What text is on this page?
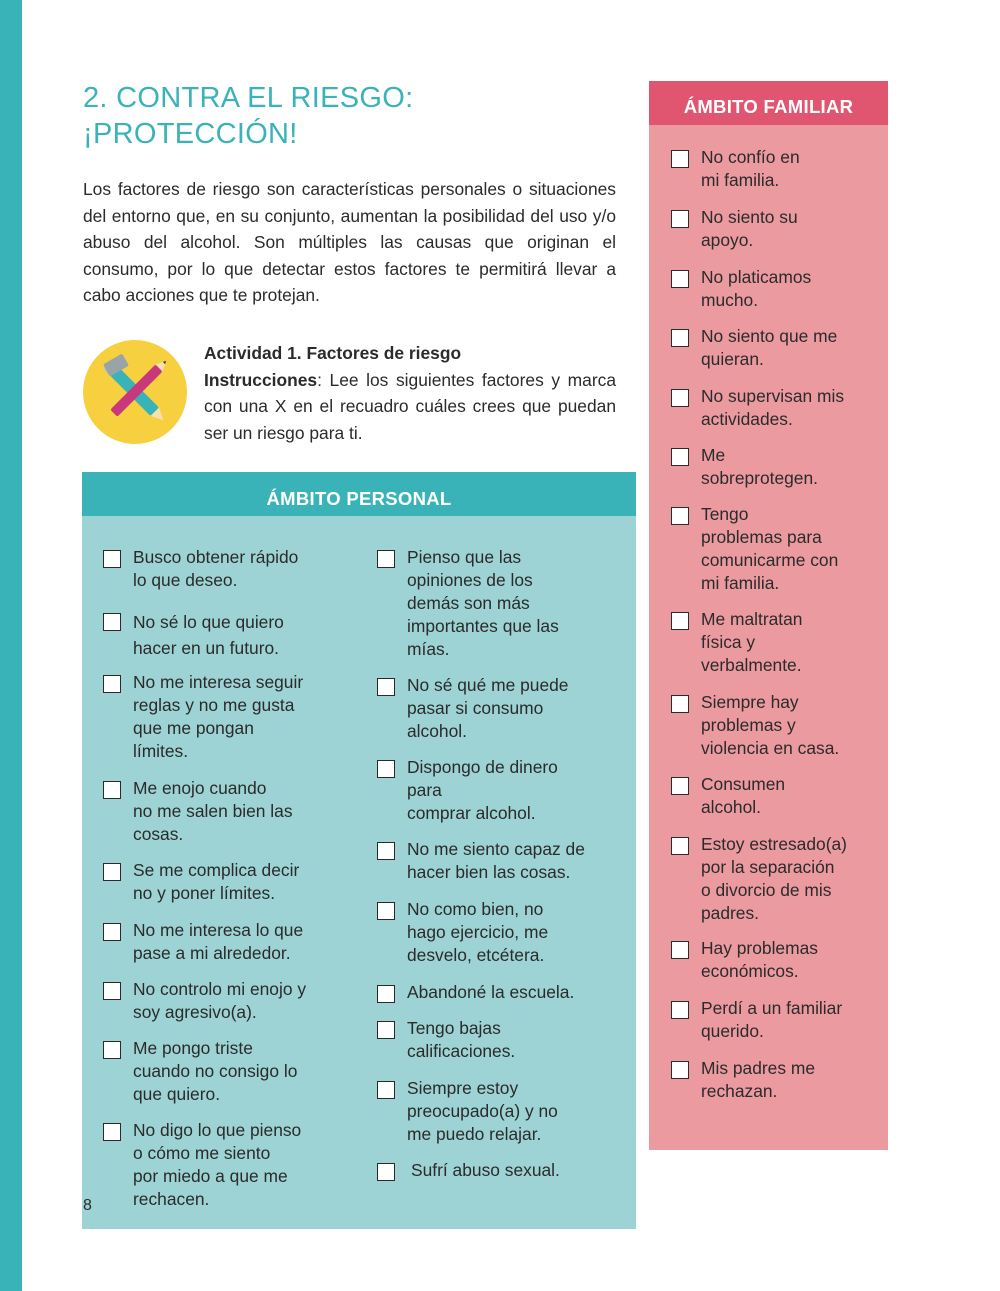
2. CONTRA EL RIESGO:
¡PROTECCIÓN!

Los factores de riesgo son características personales o situaciones del entorno que, en su conjunto, aumentan la posibilidad del uso y/o abuso del alcohol. Son múltiples las causas que originan el consumo, por lo que detectar estos factores te permitirá llevar a cabo acciones que te protejan.

Actividad 1. Factores de riesgo
Instrucciones: Lee los siguientes factores y marca con una X en el recuadro cuáles crees que puedan ser un riesgo para ti.
ÁMBITO PERSONAL
Busco obtener rápido
lo que deseo.
No sé lo que quiero
hacer en un futuro.
No me interesa seguir
reglas y no me gusta
que me pongan
límites.
Me enojo cuando
no me salen bien las
cosas.
Se me complica decir
no y poner límites.
No me interesa lo que
pase a mi alrededor.
No controlo mi enojo y
soy agresivo(a).
Me pongo triste
cuando no consigo lo
que quiero.
No digo lo que pienso
o cómo me siento
por miedo a que me
rechacen.
Pienso que las
opiniones de los
demás son más
importantes que las
mías.
No sé qué me puede
pasar si consumo
alcohol.
Dispongo de dinero
para
comprar alcohol.
No me siento capaz de
hacer bien las cosas.
No como bien, no
hago ejercicio, me
desvelo, etcétera.
Abandoné la escuela.
Tengo bajas
calificaciones.
Siempre estoy
preocupado(a) y no
me puedo relajar.
Sufrí abuso sexual.
ÁMBITO FAMILIAR
No confío en
mi familia.
No siento su
apoyo.
No platicamos
mucho.
No siento que me
quieran.
No supervisan mis
actividades.
Me
sobreprotegen.
Tengo
problemas para
comunicarme con
mi familia.
Me maltratan
física y
verbalmente.
Siempre hay
problemas y
violencia en casa.
Consumen
alcohol.
Estoy estresado(a)
por la separación
o divorcio de mis
padres.
Hay problemas
económicos.
Perdí a un familiar
querido.
Mis padres me
rechazan.
8
